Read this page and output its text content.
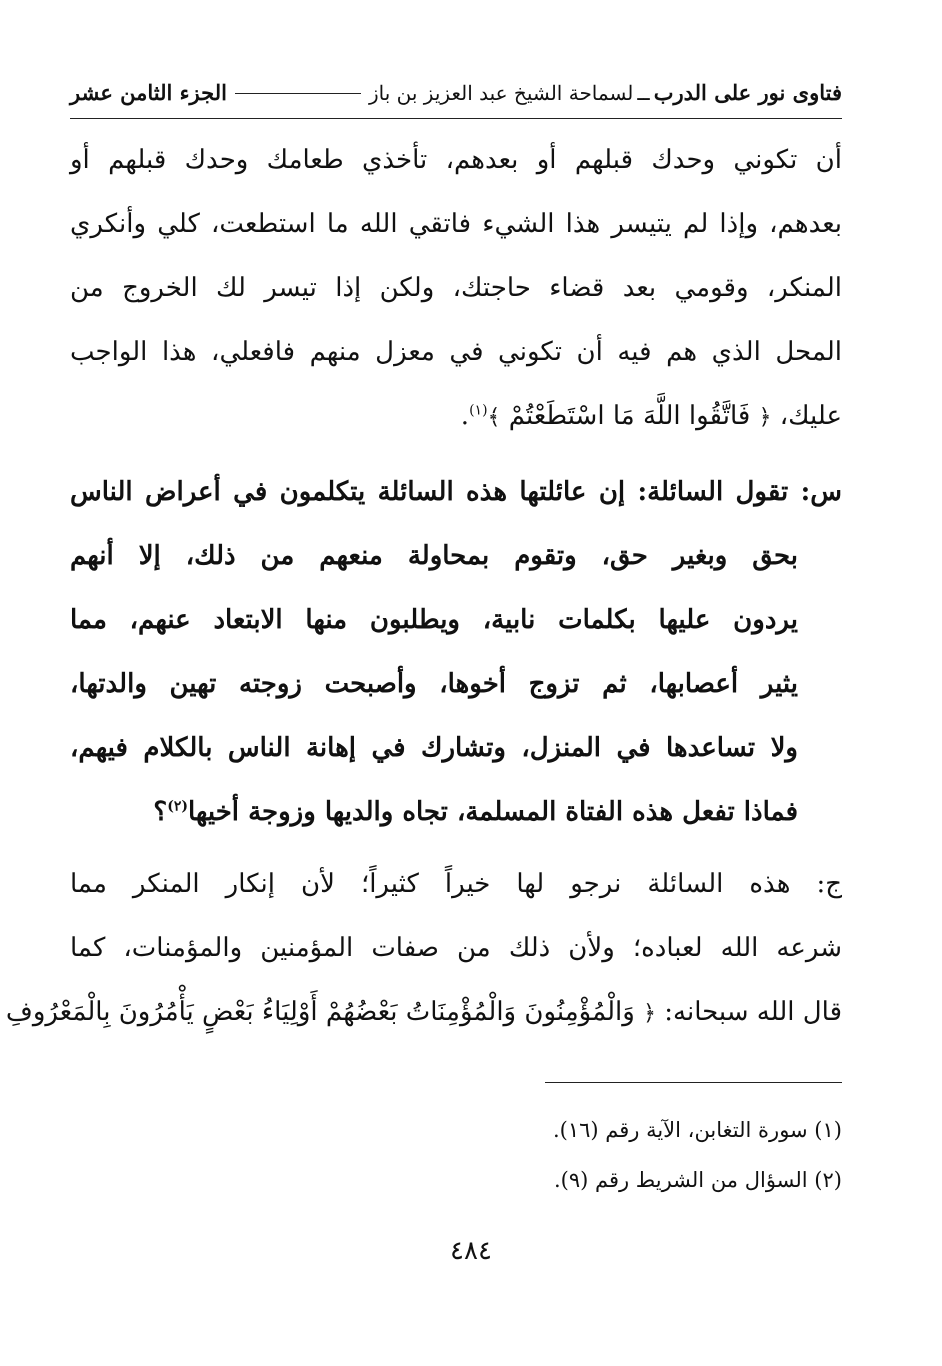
فتاوى نور على الدرب
ــ
لسماحة الشيخ عبد العزيز بن باز
الجزء الثامن عشر
أن تكوني وحدك قبلهم أو بعدهم، تأخذي طعامك وحدك قبلهم أو
بعدهم، وإذا لم يتيسر هذا الشيء فاتقي الله ما استطعت، كلي وأنكري
المنكر، وقومي بعد قضاء حاجتك، ولكن إذا تيسر لك الخروج من
المحل الذي هم فيه أن تكوني في معزل منهم فافعلي، هذا الواجب
عليك، ﴿ فَاتَّقُوا اللَّهَ مَا اسْتَطَعْتُمْ ﴾$^{(١)}$.
س: تقول السائلة: إن عائلتها هذه السائلة يتكلمون في أعراض الناس
بحق وبغير حق، وتقوم بمحاولة منعهم من ذلك، إلا أنهم
يردون عليها بكلمات نابية، ويطلبون منها الابتعاد عنهم، مما
يثير أعصابها، ثم تزوج أخوها، وأصبحت زوجته تهين والدتها،
ولا تساعدها في المنزل، وتشارك في إهانة الناس بالكلام فيهم،
فماذا تفعل هذه الفتاة المسلمة، تجاه والديها وزوجة أخيها$^{(٢)}$؟
ج: هذه السائلة نرجو لها خيراً كثيراً؛ لأن إنكار المنكر مما
شرعه الله لعباده؛ ولأن ذلك من صفات المؤمنين والمؤمنات، كما
قال الله سبحانه: ﴿ وَالْمُؤْمِنُونَ وَالْمُؤْمِنَاتُ بَعْضُهُمْ أَوْلِيَاءُ بَعْضٍ يَأْمُرُونَ بِالْمَعْرُوفِ
(١) سورة التغابن، الآية رقم (١٦).
(٢) السؤال من الشريط رقم (٩).
٤٨٤
